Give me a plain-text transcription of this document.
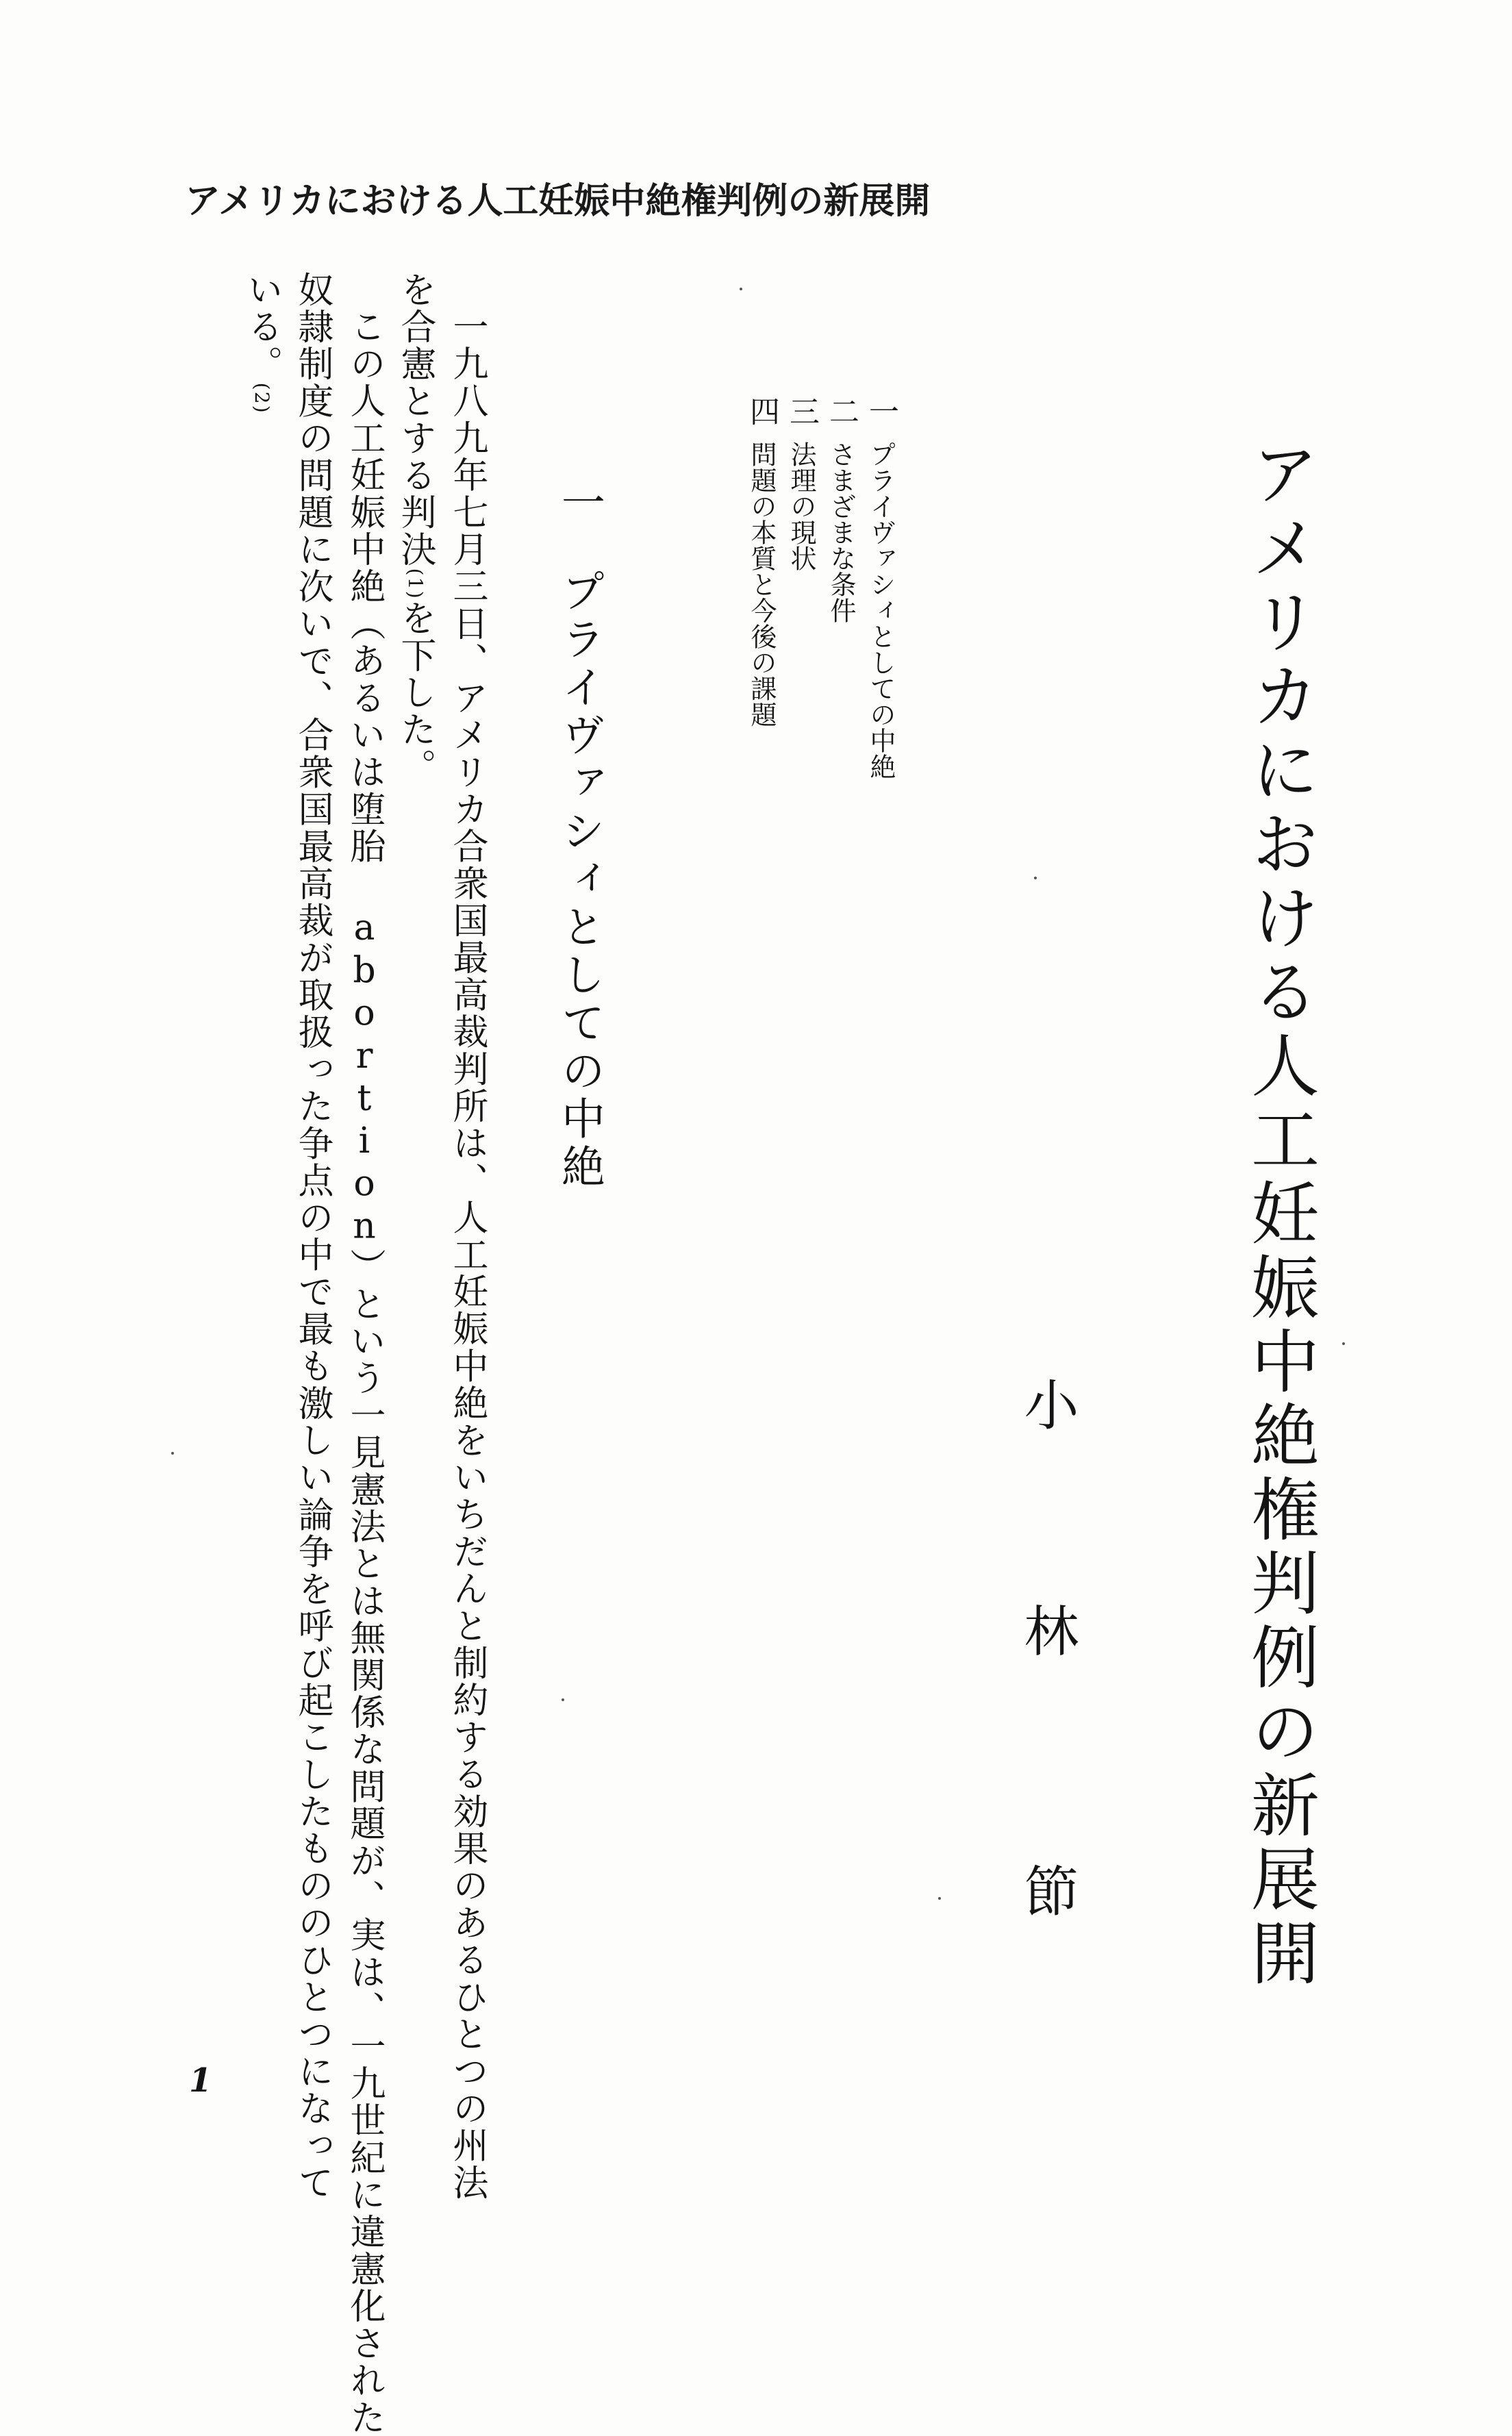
アメリカにおける人工妊娠中絶権判例の新展開
アメリカにおける人工妊娠中絶権判例の新展開
小
林
節
一プライヴァシィとしての中絶
二さまざまな条件
三法理の現状
四問題の本質と今後の課題
一プライヴァシィとしての中絶
一九八九年七月三日、アメリカ合衆国最高裁判所は、人工妊娠中絶をいちだんと制約する効果のあるひとつの州法
を合憲とする判決(1)を下した。
この人工妊娠中絶（あるいは堕胎 abortion）という一見憲法とは無関係な問題が、実は、一九世紀に違憲化された
奴隷制度の問題に次いで、合衆国最高裁が取扱った争点の中で最も激しい論争を呼び起こしたもののひとつになって
いる。(2)
1
